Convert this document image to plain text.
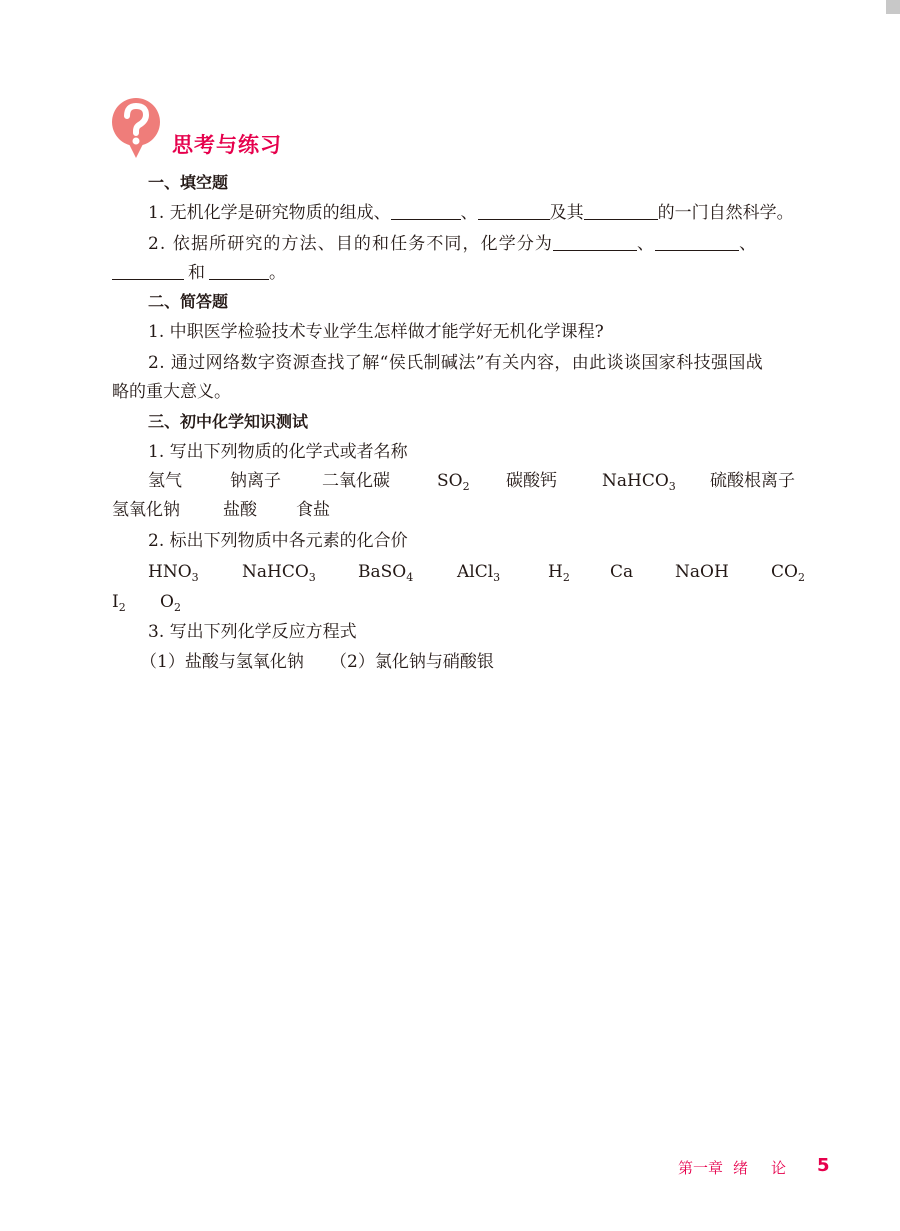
思考与练习
一、填空题
1. 无机化学是研究物质的组成、	、	及其	的一门自然科学。
2. 依据所研究的方法、目的和任务不同，化学分为	、	、
和	。
二、简答题
1. 中职医学检验技术专业学生怎样做才能学好无机化学课程?
2. 通过网络数字资源查找了解“侯氏制碱法”有关内容，由此谈谈国家科技强国战
略的重大意义。
三、初中化学知识测试
1. 写出下列物质的化学式或者名称
氢气	钠离子 二氧化碳	$SO_2$ 碳酸钙	NaHCO$_3$ 硫酸根离子
氢氧化钠	盐酸 食盐
2. 标出下列物质中各元素的化合价
$HNO_3$	NaHCO$_3$ BaSO$_4$	AlCl$_3$	$H_2$ Ca NaOH $CO_2$
$I_2$ $O_2$
3. 写出下列化学反应方程式
（1）盐酸与氢氧化钠 （2）氯化钠与硝酸银
第一章 绪　论 5
